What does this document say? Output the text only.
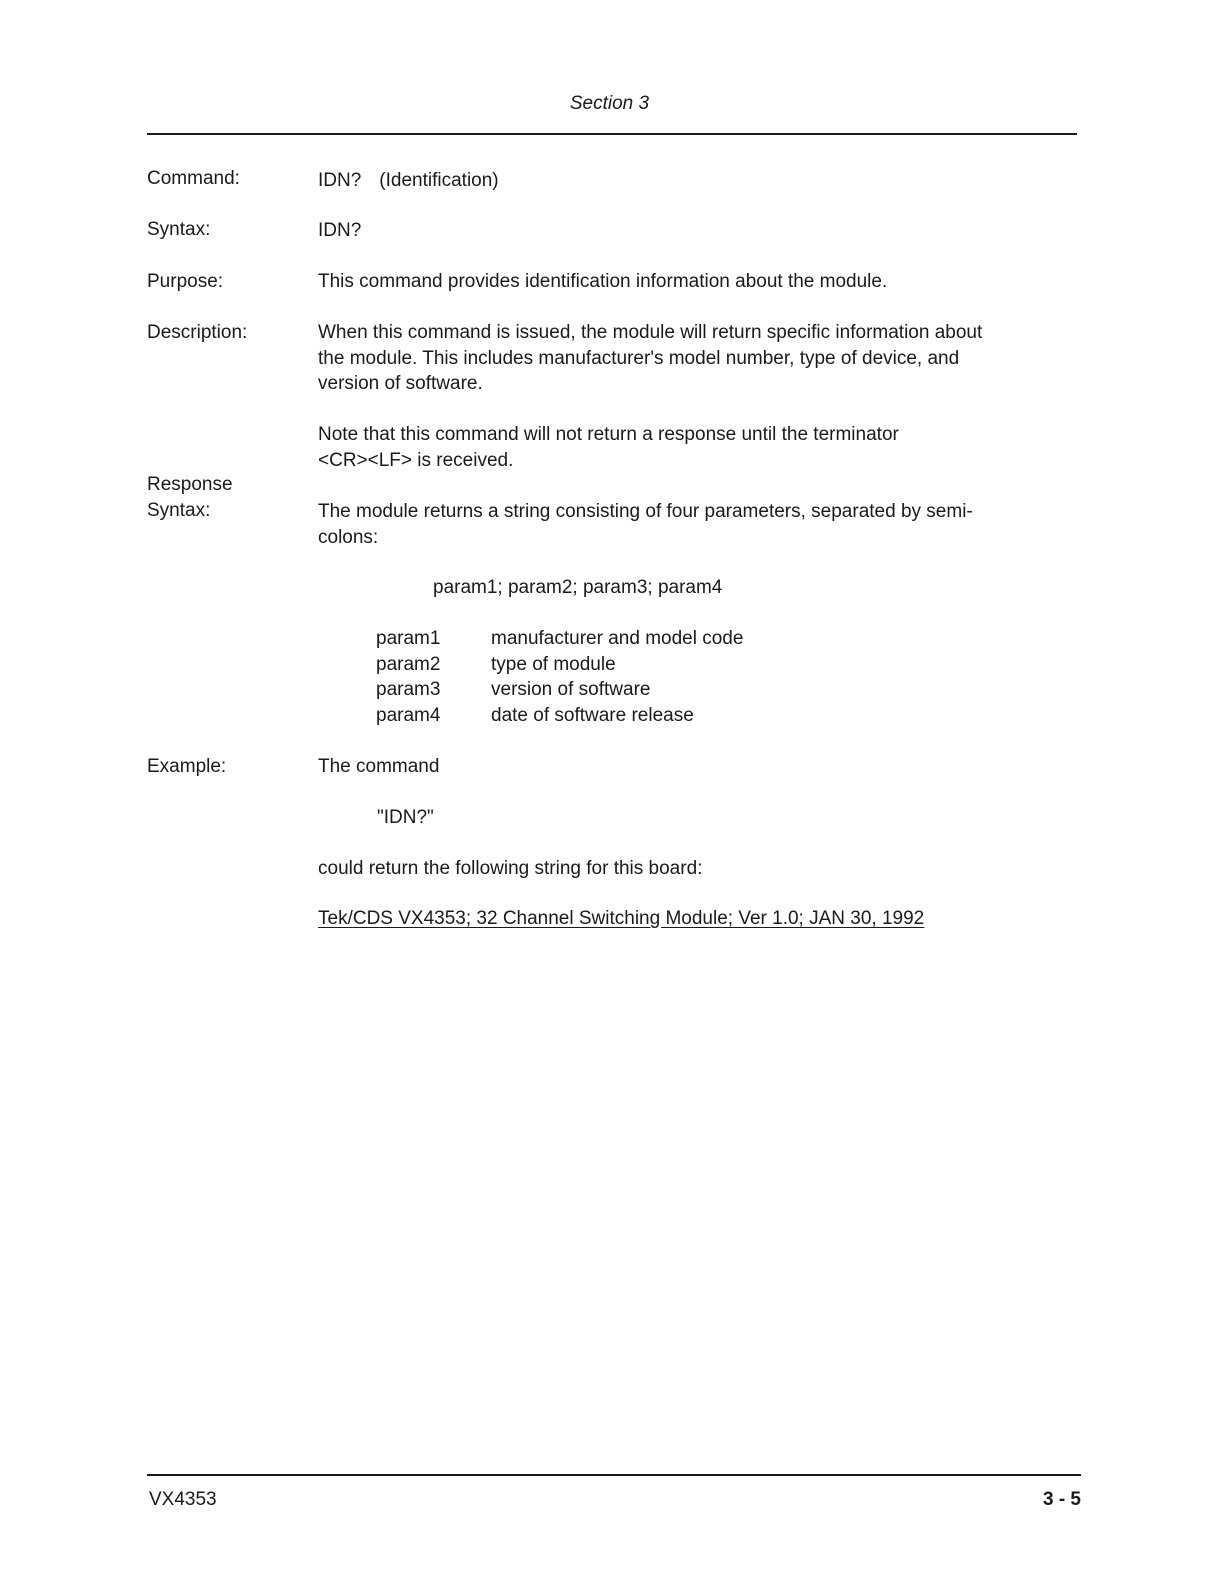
Section 3
Command:	IDN? (Identification)
Syntax:	IDN?
Purpose:	This command provides identification information about the module.
Description:	When this command is issued, the module will return specific information about
the module. This includes manufacturer's model number, type of device, and
version of software.
Note that this command will not return a response until the terminator
<CR><LF> is received.
Response
Syntax:	The module returns a string consisting of four parameters, separated by semi-
colons:
param1; param2; param3; param4
param1	manufacturer and model code
param2	type of module
param3	version of software
param4	date of software release
Example:	The command
"IDN?"
could return the following string for this board:
Tek/CDS VX4353; 32 Channel Switching Module; Ver 1.0; JAN 30, 1992
VX4353	3 - 5
